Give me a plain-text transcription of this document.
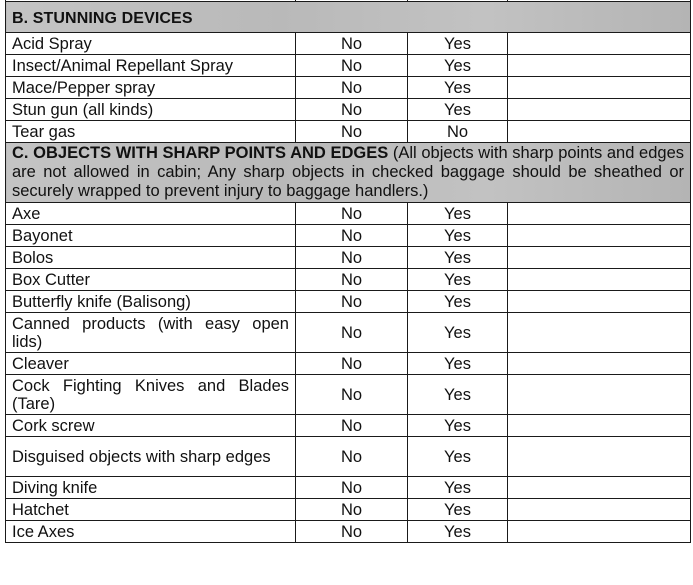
B. STUNNING DEVICES			
Acid Spray	No	Yes	
Insect/Animal Repellant Spray	No	Yes	
Mace/Pepper spray	No	Yes	
Stun gun (all kinds)	No	Yes	
Tear gas	No	No	
C. OBJECTS WITH SHARP POINTS AND EDGES (All objects with sharp points and edges are not allowed in cabin; Any sharp objects in checked baggage should be sheathed or securely wrapped to prevent injury to baggage handlers.)			
Axe	No	Yes	
Bayonet	No	Yes	
Bolos	No	Yes	
Box Cutter	No	Yes	
Butterfly knife (Balisong)	No	Yes	
Canned products (with easy open lids)	No	Yes	
Cleaver	No	Yes	
Cock Fighting Knives and Blades (Tare)	No	Yes	
Cork screw	No	Yes	
Disguised objects with sharp edges	No	Yes	
Diving knife	No	Yes	
Hatchet	No	Yes	
Ice Axes	No	Yes	
